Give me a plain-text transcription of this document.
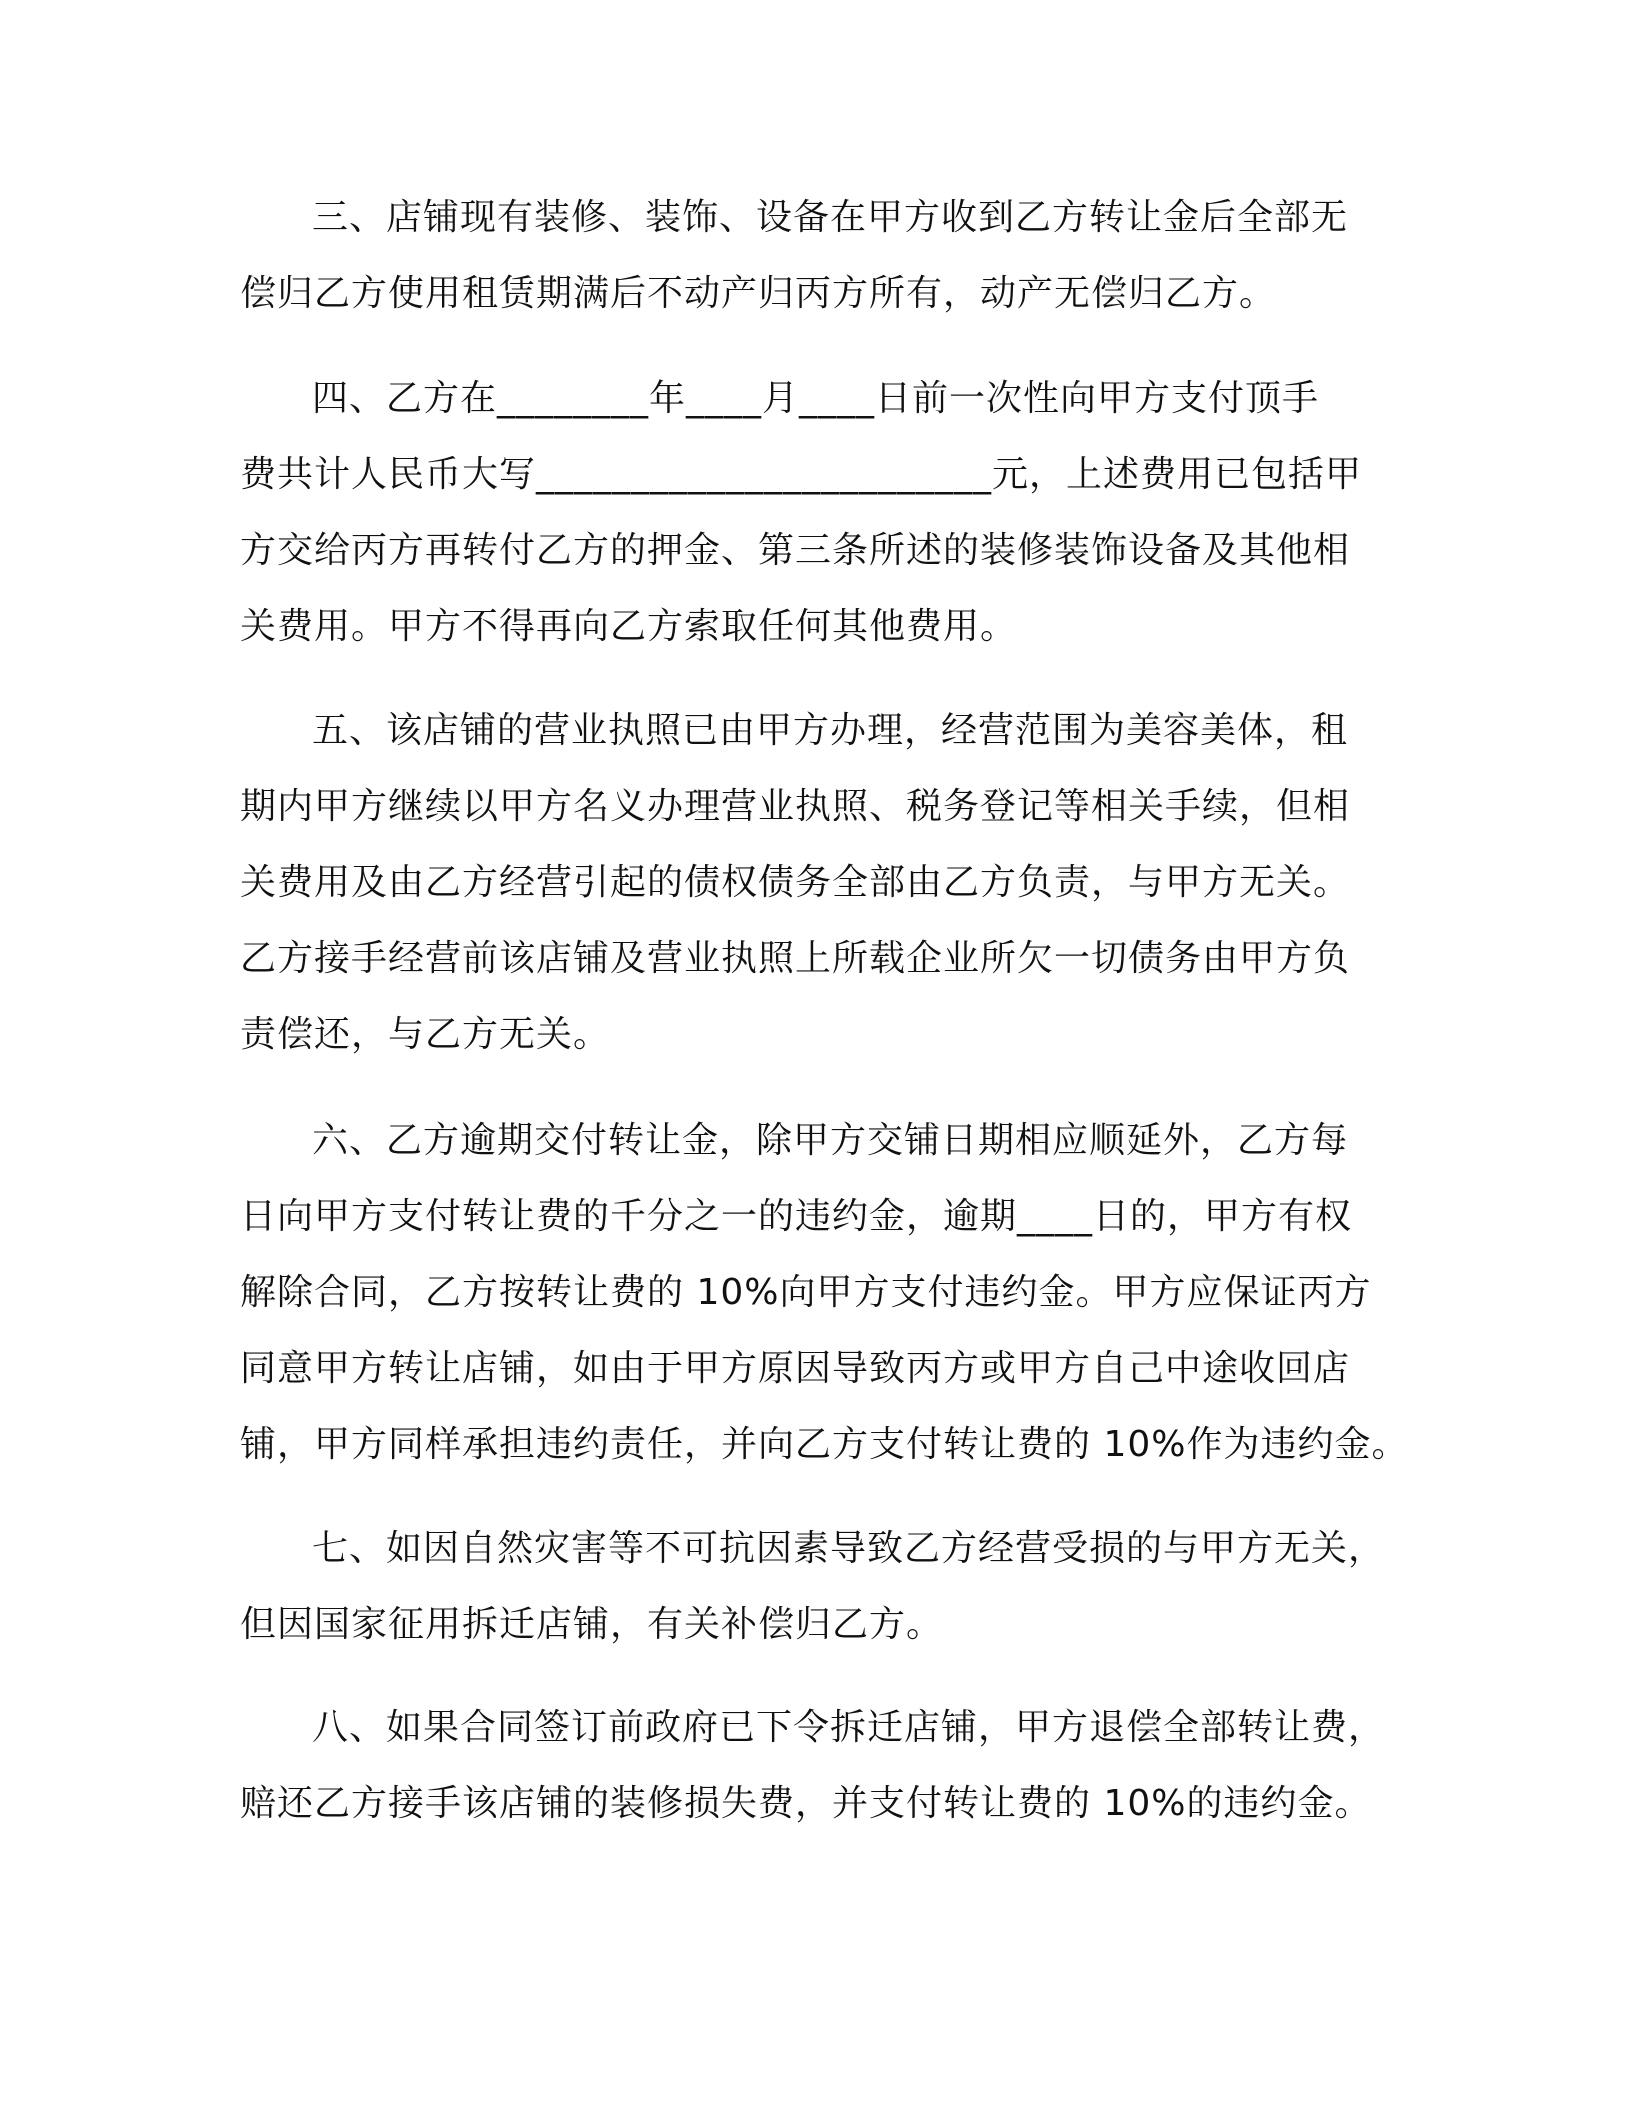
三、店铺现有装修、装饰、设备在甲方收到乙方转让金后全部无
偿归乙方使用租赁期满后不动产归丙方所有，动产无偿归乙方。
四、乙方在________年____月____日前一次性向甲方支付顶手
费共计人民币大写________________________元，上述费用已包括甲
方交给丙方再转付乙方的押金、第三条所述的装修装饰设备及其他相
关费用。甲方不得再向乙方索取任何其他费用。
五、该店铺的营业执照已由甲方办理，经营范围为美容美体，租
期内甲方继续以甲方名义办理营业执照、税务登记等相关手续，但相
关费用及由乙方经营引起的债权债务全部由乙方负责，与甲方无关。
乙方接手经营前该店铺及营业执照上所载企业所欠一切债务由甲方负
责偿还，与乙方无关。
六、乙方逾期交付转让金，除甲方交铺日期相应顺延外，乙方每
日向甲方支付转让费的千分之一的违约金，逾期____日的，甲方有权
解除合同，乙方按转让费的 10%向甲方支付违约金。甲方应保证丙方
同意甲方转让店铺，如由于甲方原因导致丙方或甲方自己中途收回店
铺，甲方同样承担违约责任，并向乙方支付转让费的 10%作为违约金。
七、如因自然灾害等不可抗因素导致乙方经营受损的与甲方无关，
但因国家征用拆迁店铺，有关补偿归乙方。
八、如果合同签订前政府已下令拆迁店铺，甲方退偿全部转让费，
赔还乙方接手该店铺的装修损失费，并支付转让费的 10%的违约金。
